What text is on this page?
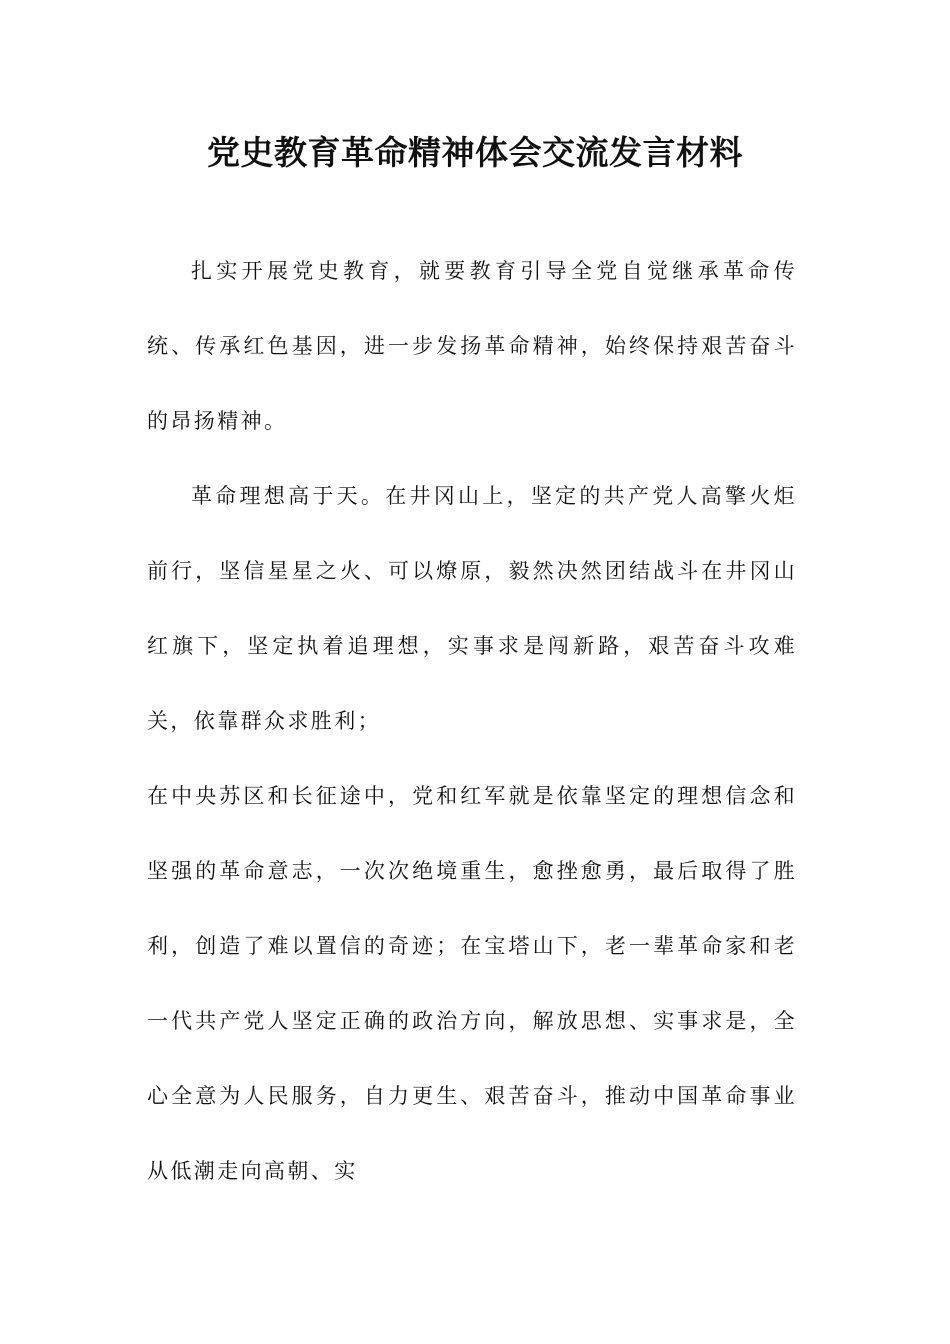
党史教育革命精神体会交流发言材料

扎实开展党史教育，就要教育引导全党自觉继承革命传统、传承红色基因，进一步发扬革命精神，始终保持艰苦奋斗的昂扬精神。

革命理想高于天。在井冈山上，坚定的共产党人高擎火炬前行，坚信星星之火、可以燎原，毅然决然团结战斗在井冈山红旗下，坚定执着追理想，实事求是闯新路，艰苦奋斗攻难关，依靠群众求胜利；

在中央苏区和长征途中，党和红军就是依靠坚定的理想信念和坚强的革命意志，一次次绝境重生，愈挫愈勇，最后取得了胜利，创造了难以置信的奇迹；在宝塔山下，老一辈革命家和老一代共产党人坚定正确的政治方向，解放思想、实事求是，全心全意为人民服务，自力更生、艰苦奋斗，推动中国革命事业从低潮走向高朝、实
